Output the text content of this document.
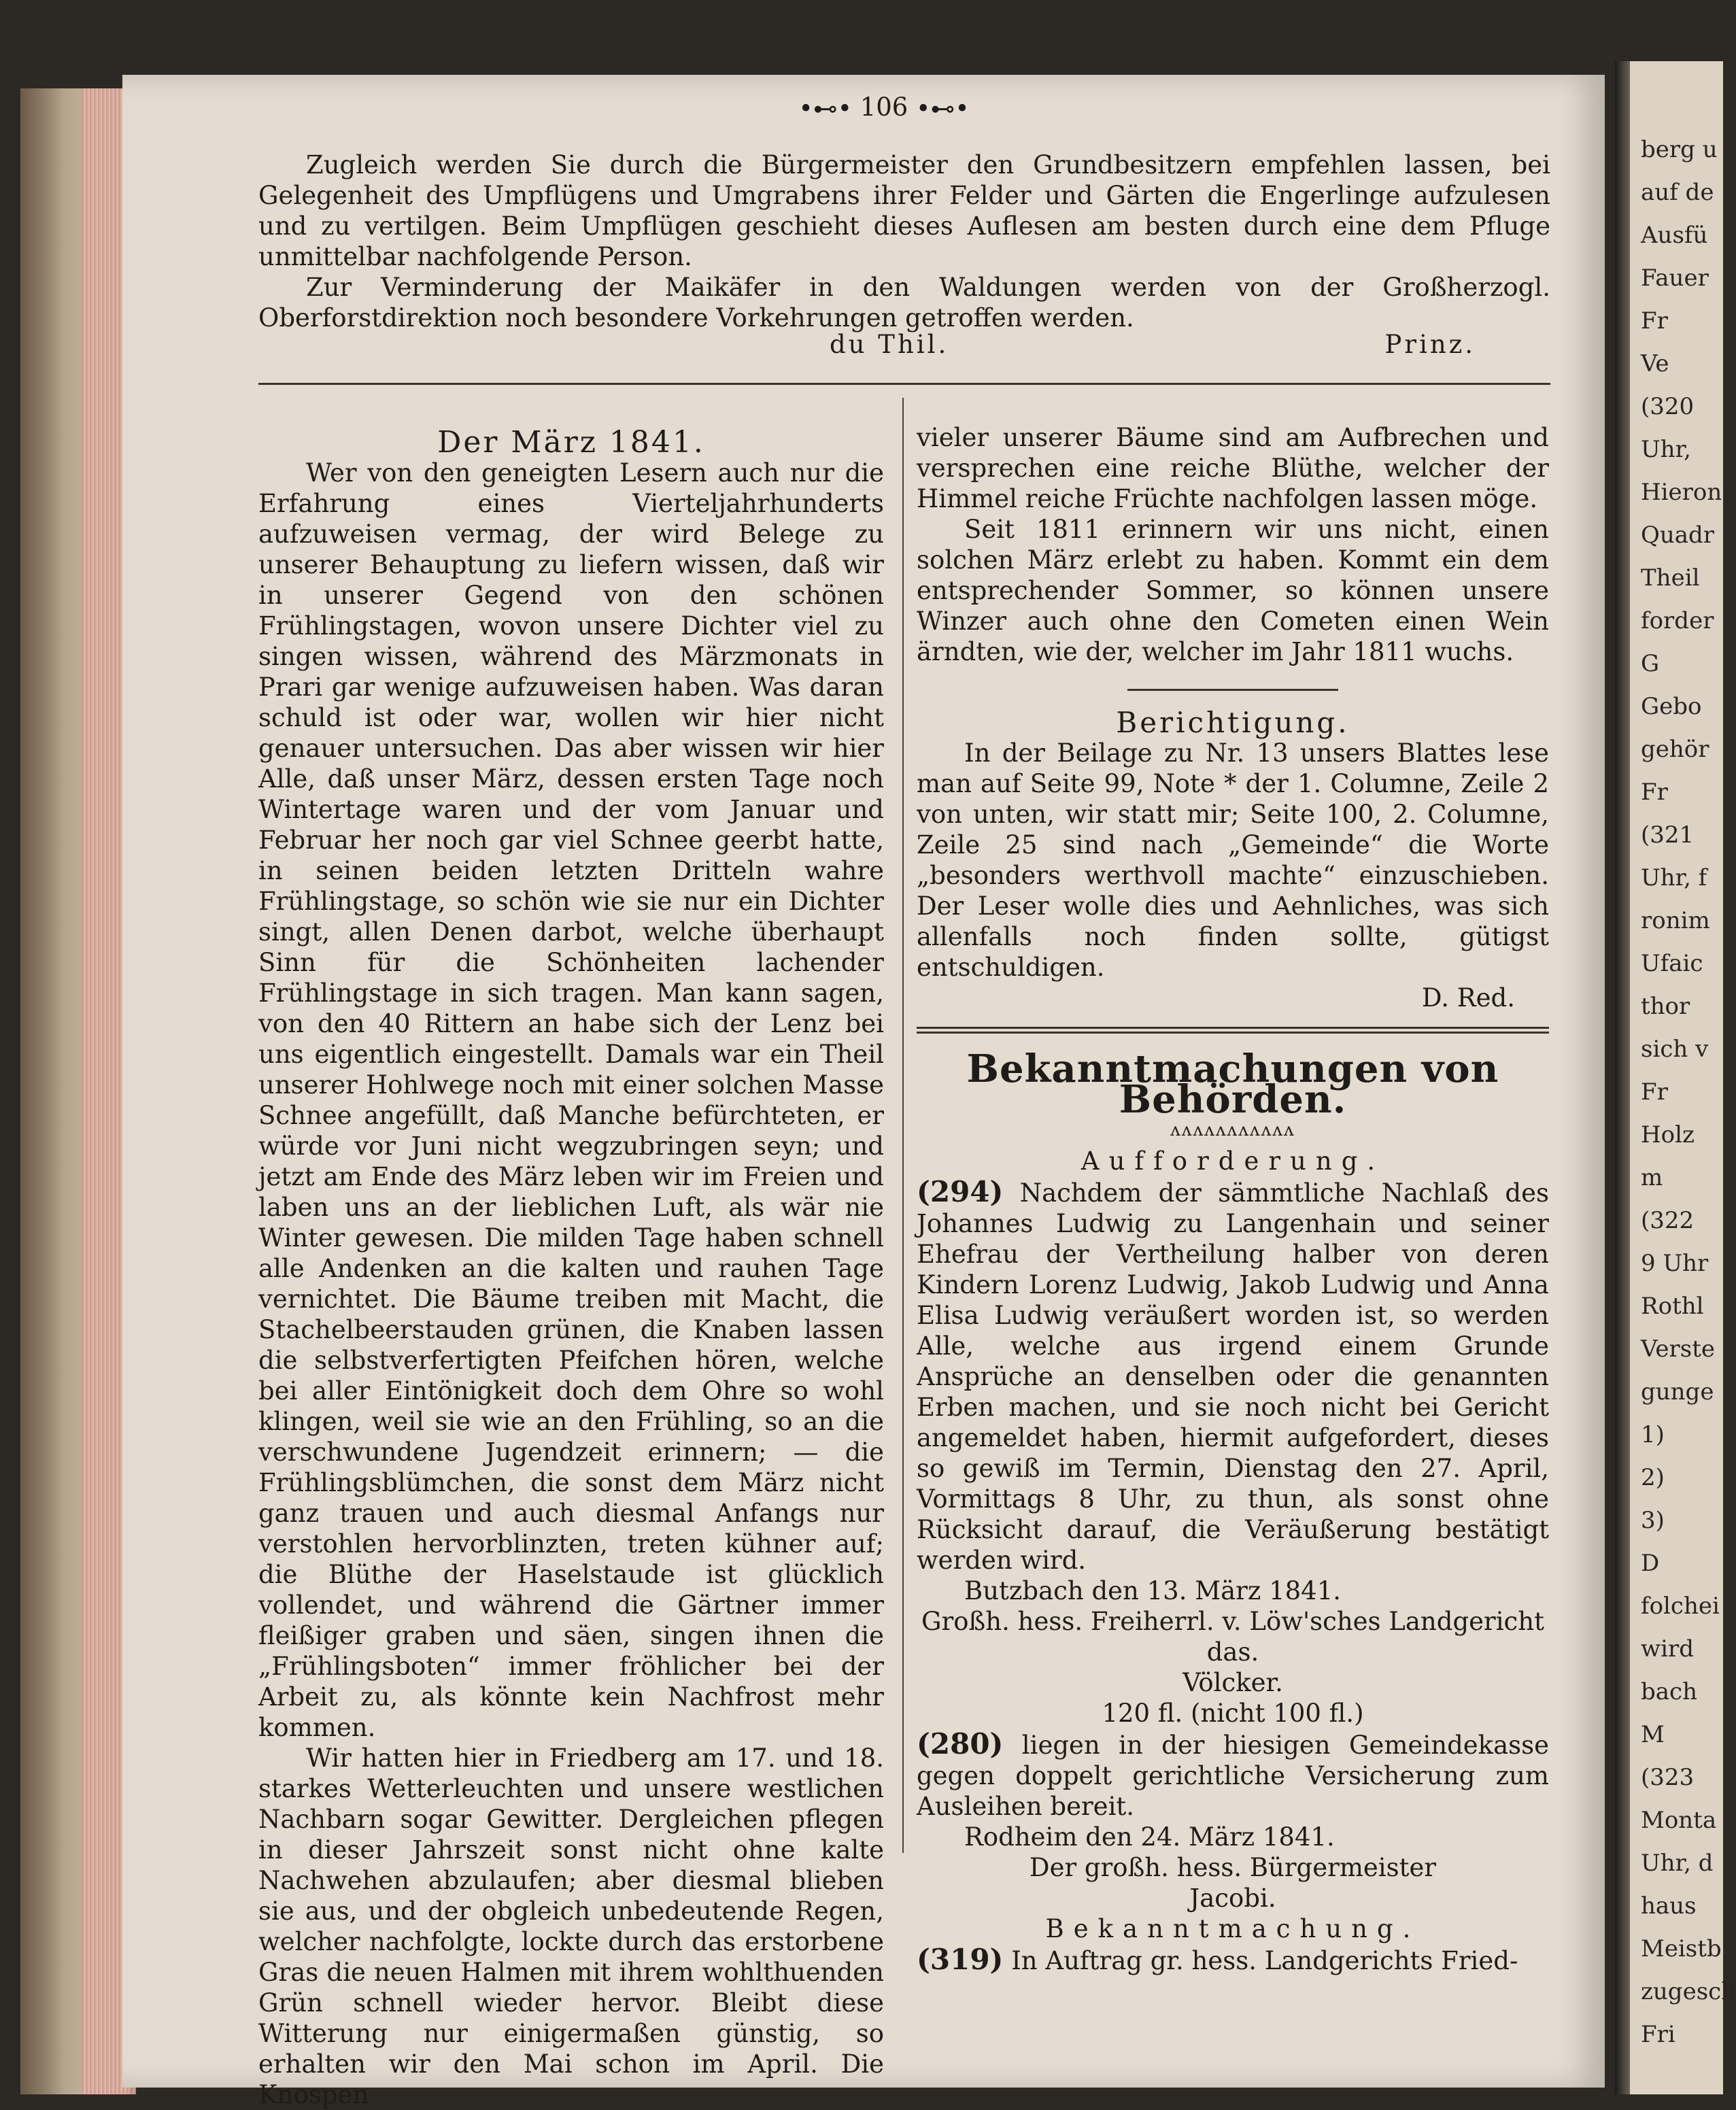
•⊷• 106 •⊷•

Zugleich werden Sie durch die Bürgermeister den Grundbesitzern empfehlen lassen, bei Gelegenheit des Umpflügens und Umgrabens ihrer Felder und Gärten die Engerlinge aufzulesen und zu vertilgen. Beim Umpflügen geschieht dieses Auflesen am besten durch eine dem Pfluge unmittelbar nachfolgende Person.

Zur Verminderung der Maikäfer in den Waldungen werden von der Großherzogl. Oberforstdirektion noch besondere Vorkehrungen getroffen werden.

du Thil.	Prinz.

Der März 1841.

Wer von den geneigten Lesern auch nur die Erfahrung eines Vierteljahrhunderts aufzuweisen vermag, der wird Belege zu unserer Behauptung zu liefern wissen, daß wir in unserer Gegend von den schönen Frühlingstagen, wovon unsere Dichter viel zu singen wissen, während des Märzmonats in Prari gar wenige aufzuweisen haben. Was daran schuld ist oder war, wollen wir hier nicht genauer untersuchen. Das aber wissen wir hier Alle, daß unser März, dessen ersten Tage noch Wintertage waren und der vom Januar und Februar her noch gar viel Schnee geerbt hatte, in seinen beiden letzten Dritteln wahre Frühlingstage, so schön wie sie nur ein Dichter singt, allen Denen darbot, welche überhaupt Sinn für die Schönheiten lachender Frühlingstage in sich tragen. Man kann sagen, von den 40 Rittern an habe sich der Lenz bei uns eigentlich eingestellt. Damals war ein Theil unserer Hohlwege noch mit einer solchen Masse Schnee angefüllt, daß Manche befürchteten, er würde vor Juni nicht wegzubringen seyn; und jetzt am Ende des März leben wir im Freien und laben uns an der lieblichen Luft, als wär nie Winter gewesen. Die milden Tage haben schnell alle Andenken an die kalten und rauhen Tage vernichtet. Die Bäume treiben mit Macht, die Stachelbeerstauden grünen, die Knaben lassen die selbstverfertigten Pfeifchen hören, welche bei aller Eintönigkeit doch dem Ohre so wohl klingen, weil sie wie an den Frühling, so an die verschwundene Jugendzeit erinnern; — die Frühlingsblümchen, die sonst dem März nicht ganz trauen und auch diesmal Anfangs nur verstohlen hervorblinzten, treten kühner auf; die Blüthe der Haselstaude ist glücklich vollendet, und während die Gärtner immer fleißiger graben und säen, singen ihnen die „Frühlingsboten“ immer fröhlicher bei der Arbeit zu, als könnte kein Nachfrost mehr kommen.

Wir hatten hier in Friedberg am 17. und 18. starkes Wetterleuchten und unsere westlichen Nachbarn sogar Gewitter. Dergleichen pflegen in dieser Jahrszeit sonst nicht ohne kalte Nachwehen abzulaufen; aber diesmal blieben sie aus, und der obgleich unbedeutende Regen, welcher nachfolgte, lockte durch das erstorbene Gras die neuen Halmen mit ihrem wohlthuenden Grün schnell wieder hervor. Bleibt diese Witterung nur einigermaßen günstig, so erhalten wir den Mai schon im April. Die Knospen

vieler unserer Bäume sind am Aufbrechen und versprechen eine reiche Blüthe, welcher der Himmel reiche Früchte nachfolgen lassen möge.

Seit 1811 erinnern wir uns nicht, einen solchen März erlebt zu haben. Kommt ein dem entsprechender Sommer, so können unsere Winzer auch ohne den Cometen einen Wein ärndten, wie der, welcher im Jahr 1811 wuchs.

Berichtigung.

In der Beilage zu Nr. 13 unsers Blattes lese man auf Seite 99, Note * der 1. Columne, Zeile 2 von unten, wir statt mir; Seite 100, 2. Columne, Zeile 25 sind nach „Gemeinde“ die Worte „besonders werthvoll machte“ einzuschieben. Der Leser wolle dies und Aehnliches, was sich allenfalls noch finden sollte, gütigst entschuldigen.

D. Red.

Bekanntmachungen von Behörden.

ʌʌʌʌʌʌʌʌʌʌʌ

Aufforderung.

(294) Nachdem der sämmtliche Nachlaß des Johannes Ludwig zu Langenhain und seiner Ehefrau der Vertheilung halber von deren Kindern Lorenz Ludwig, Jakob Ludwig und Anna Elisa Ludwig veräußert worden ist, so werden Alle, welche aus irgend einem Grunde Ansprüche an denselben oder die genannten Erben machen, und sie noch nicht bei Gericht angemeldet haben, hiermit aufgefordert, dieses so gewiß im Termin, Dienstag den 27. April, Vormittags 8 Uhr, zu thun, als sonst ohne Rücksicht darauf, die Veräußerung bestätigt werden wird.

Butzbach den 13. März 1841.

Großh. hess. Freiherrl. v. Löw'sches Landgericht das.

Völcker.

120 fl. (nicht 100 fl.)

(280) liegen in der hiesigen Gemeindekasse gegen doppelt gerichtliche Versicherung zum Ausleihen bereit.

Rodheim den 24. März 1841.

Der großh. hess. Bürgermeister

Jacobi.

Bekanntmachung.

(319) In Auftrag gr. hess. Landgerichts Fried-

berg u
auf de
Ausfü
Fauer
Fr
Ve
(320
Uhr,
Hieron
Quadr
Theil
forder
G
Gebo
gehör
Fr
(321
Uhr, f
ronim
Ufaic
thor
sich v
Fr
Holz
m
(322
9 Uhr
Rothl
Verste
gunge
1)
2)
3)
D
folchei
wird
bach
M
(323
Monta
Uhr, d
haus
Meistb
zugesch
Fri
